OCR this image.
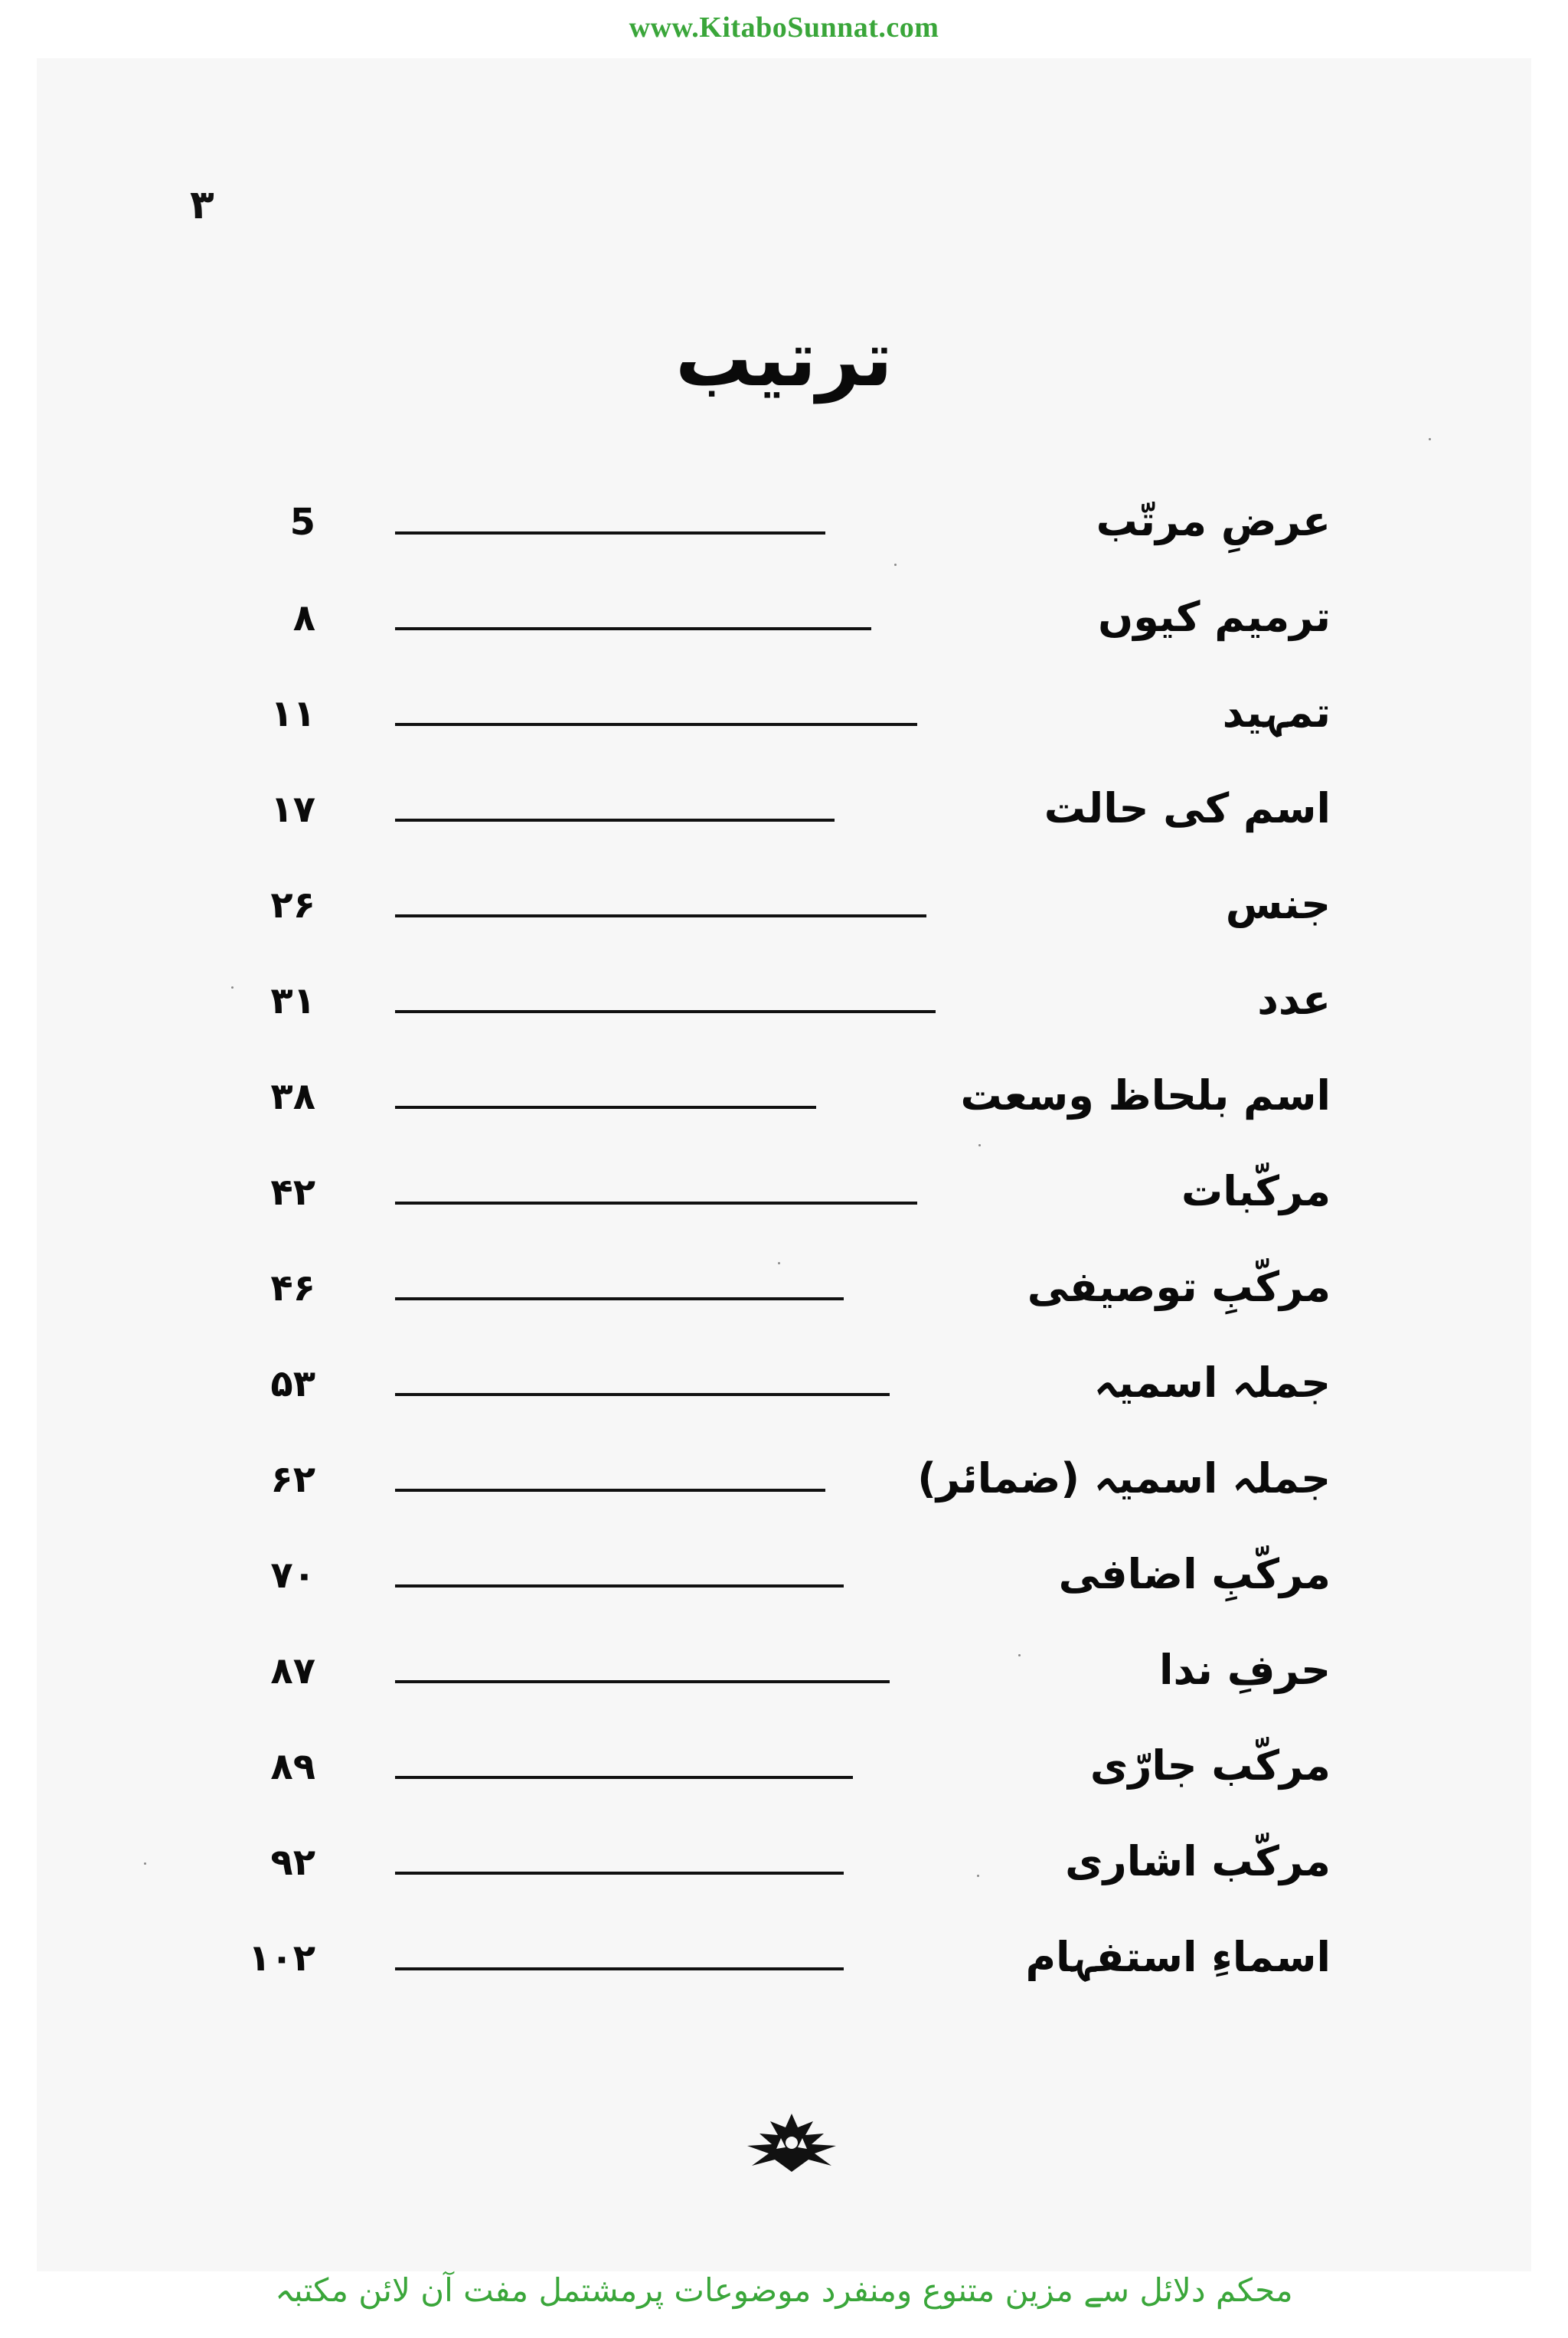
www.KitaboSunnat.com
۳
ترتیب
عرضِ مرتّب
5
ترمیم کیوں
۸
تمہید
۱۱
اسم کی حالت
۱۷
جنس
۲۶
عدد
۳۱
اسم بلحاظ وسعت
۳۸
مرکّبات
۴۲
مرکّبِ توصیفی
۴۶
جملہ اسمیہ
۵۳
جملہ اسمیہ (ضمائر)
۶۲
مرکّبِ اضافی
۷۰
حرفِ ندا
۸۷
مرکّب جارّی
۸۹
مرکّب اشاری
۹۲
اسماءِ استفہام
۱۰۲
محکم دلائل سے مزین متنوع ومنفرد موضوعات پرمشتمل مفت آن لائن مکتبہ
